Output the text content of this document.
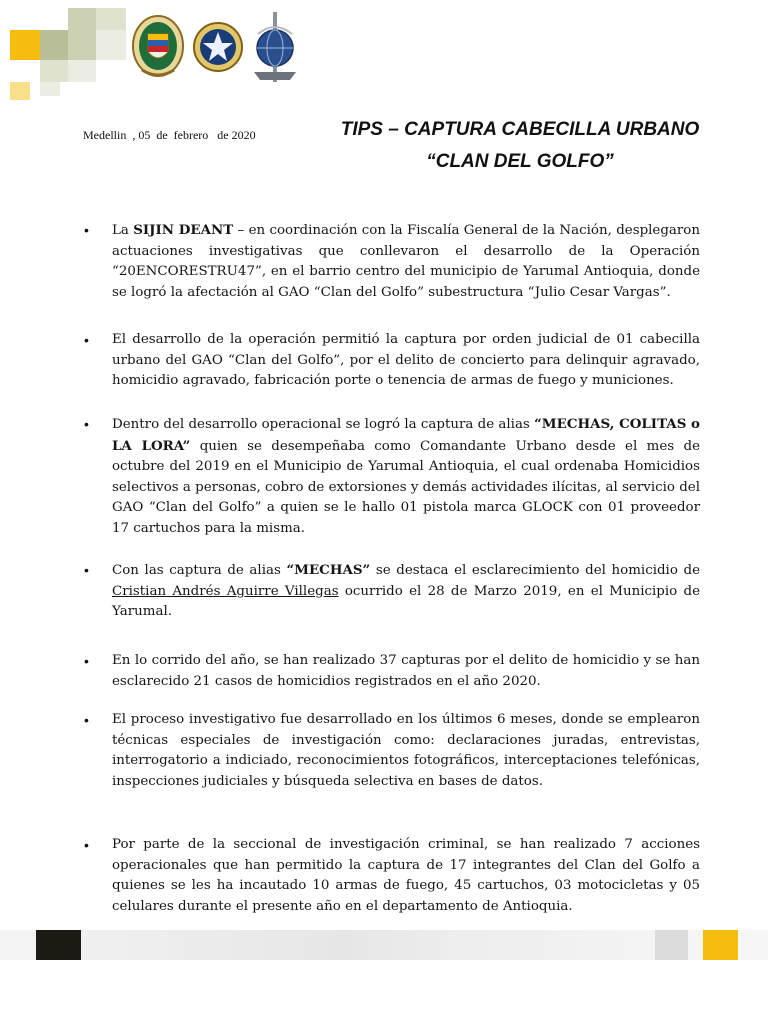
Medellin  , 05  de  febrero   de 2020	TIPS – CAPTURA CABECILLA URBANO
“CLAN DEL GOLFO”
•	La SIJIN DEANT – en coordinación con la Fiscalía General de la Nación, desplegaron actuaciones investigativas que conllevaron el desarrollo de la Operación “20ENCORESTRU47”, en el barrio centro del municipio de Yarumal Antioquia, donde se logró la afectación al GAO “Clan del Golfo” subestructura “Julio Cesar Vargas”.
•	El desarrollo de la operación permitió la captura por orden judicial de 01 cabecilla urbano del GAO “Clan del Golfo”, por el delito de concierto para delinquir agravado, homicidio agravado, fabricación porte o tenencia de armas de fuego y municiones.
•	Dentro del desarrollo operacional se logró la captura de alias “MECHAS, COLITAS o LA LORA” quien se desempeñaba como Comandante Urbano desde el mes de octubre del 2019 en el Municipio de Yarumal Antioquia, el cual ordenaba Homicidios selectivos a personas, cobro de extorsiones y demás actividades ilícitas, al servicio del GAO “Clan del Golfo” a quien se le hallo 01 pistola marca GLOCK con 01 proveedor 17 cartuchos para la misma.
•	Con las captura de alias “MECHAS” se destaca el esclarecimiento del homicidio de Cristian Andrés Aguirre Villegas ocurrido el 28 de Marzo 2019, en el Municipio de Yarumal.
•	En lo corrido del año, se han realizado 37 capturas por el delito de homicidio y se han esclarecido 21 casos de homicidios registrados en el año 2020.
•	El proceso investigativo fue desarrollado en los últimos 6 meses, donde se emplearon técnicas especiales de investigación como: declaraciones juradas, entrevistas, interrogatorio a indiciado, reconocimientos fotográficos, interceptaciones telefónicas, inspecciones judiciales y búsqueda selectiva en bases de datos.
•	Por parte de la seccional de investigación criminal, se han realizado 7 acciones operacionales que han permitido la captura de 17 integrantes del Clan del Golfo a quienes se les ha incautado 10 armas de fuego, 45 cartuchos, 03 motocicletas y 05 celulares durante el presente año en el departamento de Antioquia.
